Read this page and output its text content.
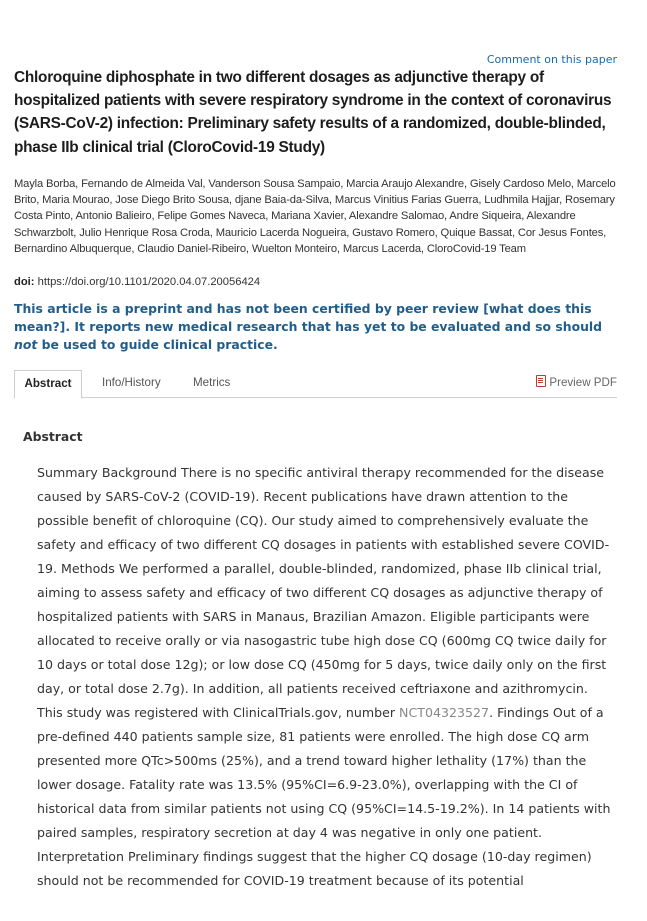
Comment on this paper
Chloroquine diphosphate in two different dosages as adjunctive therapy of hospitalized patients with severe respiratory syndrome in the context of coronavirus (SARS-CoV-2) infection: Preliminary safety results of a randomized, double-blinded, phase IIb clinical trial (CloroCovid-19 Study)

Mayla Borba, Fernando de Almeida Val, Vanderson Sousa Sampaio, Marcia Araujo Alexandre, Gisely Cardoso Melo, Marcelo Brito, Maria Mourao, Jose Diego Brito Sousa, djane Baia-da-Silva, Marcus Vinitius Farias Guerra, Ludhmila Hajjar, Rosemary Costa Pinto, Antonio Balieiro, Felipe Gomes Naveca, Mariana Xavier, Alexandre Salomao, Andre Siqueira, Alexandre Schwarzbolt, Julio Henrique Rosa Croda, Mauricio Lacerda Nogueira, Gustavo Romero, Quique Bassat, Cor Jesus Fontes, Bernardino Albuquerque, Claudio Daniel-Ribeiro, Wuelton Monteiro, Marcus Lacerda, CloroCovid-19 Team

doi: https://doi.org/10.1101/2020.04.07.20056424

This article is a preprint and has not been certified by peer review [what does this mean?]. It reports new medical research that has yet to be evaluated and so should not be used to guide clinical practice.

Abstract	Info/History	Metrics	Preview PDF
Abstract

Summary Background There is no specific antiviral therapy recommended for the disease caused by SARS-CoV-2 (COVID-19). Recent publications have drawn attention to the possible benefit of chloroquine (CQ). Our study aimed to comprehensively evaluate the safety and efficacy of two different CQ dosages in patients with established severe COVID-19. Methods We performed a parallel, double-blinded, randomized, phase IIb clinical trial, aiming to assess safety and efficacy of two different CQ dosages as adjunctive therapy of hospitalized patients with SARS in Manaus, Brazilian Amazon. Eligible participants were allocated to receive orally or via nasogastric tube high dose CQ (600mg CQ twice daily for 10 days or total dose 12g); or low dose CQ (450mg for 5 days, twice daily only on the first day, or total dose 2.7g). In addition, all patients received ceftriaxone and azithromycin. This study was registered with ClinicalTrials.gov, number NCT04323527. Findings Out of a pre-defined 440 patients sample size, 81 patients were enrolled. The high dose CQ arm presented more QTc>500ms (25%), and a trend toward higher lethality (17%) than the lower dosage. Fatality rate was 13.5% (95%CI=6.9-23.0%), overlapping with the CI of historical data from similar patients not using CQ (95%CI=14.5-19.2%). In 14 patients with paired samples, respiratory secretion at day 4 was negative in only one patient. Interpretation Preliminary findings suggest that the higher CQ dosage (10-day regimen) should not be recommended for COVID-19 treatment because of its potential
